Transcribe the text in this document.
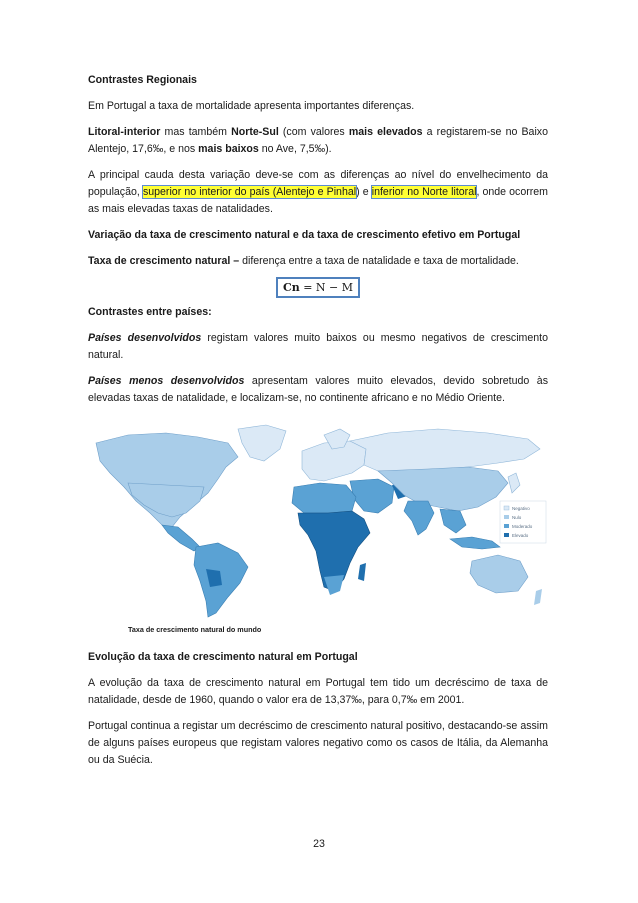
Contrastes Regionais

Em Portugal a taxa de mortalidade apresenta importantes diferenças.

Litoral-interior mas também Norte-Sul (com valores mais elevados a registarem-se no Baixo Alentejo, 17,6‰, e nos mais baixos no Ave, 7,5‰).

A principal cauda desta variação deve-se com as diferenças ao nível do envelhecimento da população, superior no interior do país (Alentejo e Pinhal) e inferior no Norte litoral, onde ocorrem as mais elevadas taxas de natalidades.

Variação da taxa de crescimento natural e da taxa de crescimento efetivo em Portugal

Taxa de crescimento natural – diferença entre a taxa de natalidade e taxa de mortalidade.

Cn = N − M

Contrastes entre países:

Países desenvolvidos registam valores muito baixos ou mesmo negativos de crescimento natural.

Países menos desenvolvidos apresentam valores muito elevados, devido sobretudo às elevadas taxas de natalidade, e localizam-se, no continente africano e no Médio Oriente.

Negativo
Nulo
Moderado
Elevado
Taxa de crescimento natural do mundo

Evolução da taxa de crescimento natural em Portugal

A evolução da taxa de crescimento natural em Portugal tem tido um decréscimo de taxa de natalidade, desde de 1960, quando o valor era de 13,37‰, para 0,7‰ em 2001.

Portugal continua a registar um decréscimo de crescimento natural positivo, destacando-se assim de alguns países europeus que registam valores negativo como os casos de Itália, da Alemanha ou da Suécia.

23
